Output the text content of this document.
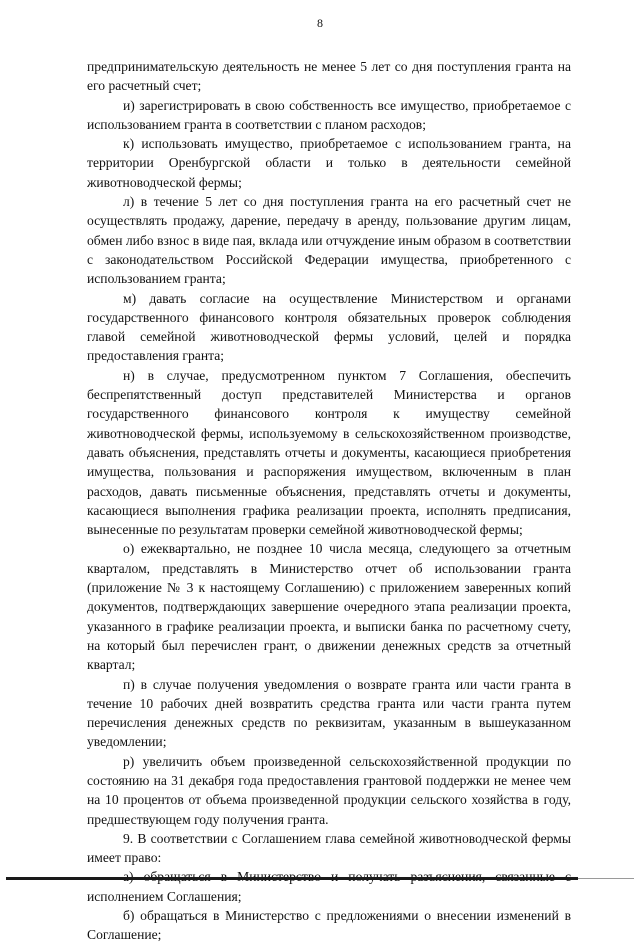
8

предпринимательскую деятельность не менее 5 лет со дня поступления гранта на его расчетный счет;

и) зарегистрировать в свою собственность все имущество, приобретаемое с использованием гранта в соответствии с планом расходов;

к) использовать имущество, приобретаемое с использованием гранта, на территории Оренбургской области и только в деятельности семейной животноводческой фермы;

л) в течение 5 лет со дня поступления гранта на его расчетный счет не осуществлять продажу, дарение, передачу в аренду, пользование другим лицам, обмен либо взнос в виде пая, вклада или отчуждение иным образом в соответствии с законодательством Российской Федерации имущества, приобретенного с использованием гранта;

м) давать согласие на осуществление Министерством и органами государственного финансового контроля обязательных проверок соблюдения главой семейной животноводческой фермы условий, целей и порядка предоставления гранта;

н) в случае, предусмотренном пунктом 7 Соглашения, обеспечить беспрепятственный доступ представителей Министерства и органов государственного финансового контроля к имуществу семейной животноводческой фермы, используемому в сельскохозяйственном производстве, давать объяснения, представлять отчеты и документы, касающиеся приобретения имущества, пользования и распоряжения имуществом, включенным в план расходов, давать письменные объяснения, представлять отчеты и документы, касающиеся выполнения графика реализации проекта, исполнять предписания, вынесенные по результатам проверки семейной животноводческой фермы;

о) ежеквартально, не позднее 10 числа месяца, следующего за отчетным кварталом, представлять в Министерство отчет об использовании гранта (приложение № 3 к настоящему Соглашению) с приложением заверенных копий документов, подтверждающих завершение очередного этапа реализации проекта, указанного в графике реализации проекта, и выписки банка по расчетному счету, на который был перечислен грант, о движении денежных средств за отчетный квартал;

п) в случае получения уведомления о возврате гранта или части гранта в течение 10 рабочих дней возвратить средства гранта или части гранта путем перечисления денежных средств по реквизитам, указанным в вышеуказанном уведомлении;

р) увеличить объем произведенной сельскохозяйственной продукции по состоянию на 31 декабря года предоставления грантовой поддержки не менее чем на 10 процентов от объема произведенной продукции сельского хозяйства в году, предшествующем году получения гранта.

9. В соответствии с Соглашением глава семейной животноводческой фермы имеет право:

исполнением Соглашения;

б) обращаться в Министерство с предложениями о внесении изменений в Соглашение;
